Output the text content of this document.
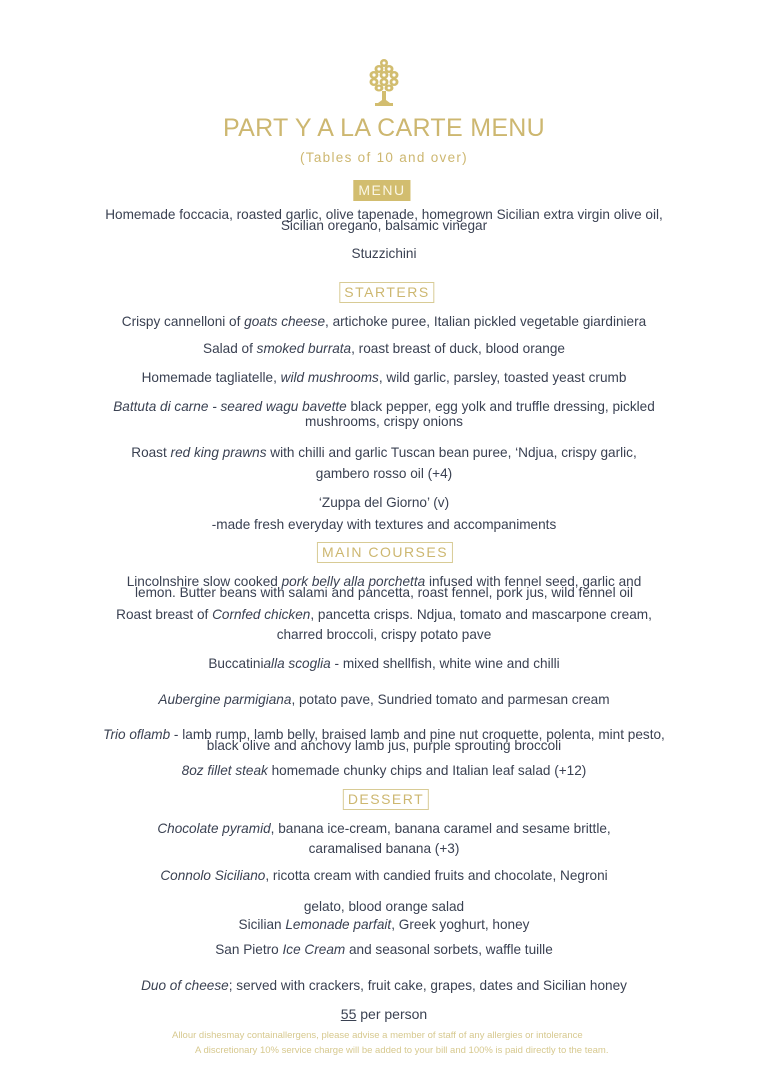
PART Y A LA CARTE MENU
(Tables of 10 and over)
MENU
Homemade foccacia, roasted garlic, olive tapenade, homegrown Sicilian extra virgin olive oil,
Sicilian oregano, balsamic vinegar
Stuzzichini
STARTERS
Crispy cannelloni of goats cheese, artichoke puree, Italian pickled vegetable giardiniera
Salad of smoked burrata, roast breast of duck, blood orange
Homemade tagliatelle, wild mushrooms, wild garlic, parsley, toasted yeast crumb
Battuta di carne - seared wagu bavette black pepper, egg yolk and truffle dressing, pickled
mushrooms, crispy onions
Roast red king prawns with chilli and garlic Tuscan bean puree, ‘Ndjua, crispy garlic,
gambero rosso oil (+4)
‘Zuppa del Giorno’ (v)
-made fresh everyday with textures and accompaniments
MAIN COURSES
Lincolnshire slow cooked pork belly alla porchetta infused with fennel seed, garlic and
lemon. Butter beans with salami and pancetta, roast fennel, pork jus, wild fennel oil
Roast breast of Cornfed chicken, pancetta crisps. Ndjua, tomato and mascarpone cream,
charred broccoli, crispy potato pave
Buccatinialla scoglia - mixed shellfish, white wine and chilli
Aubergine parmigiana, potato pave, Sundried tomato and parmesan cream
Trio oflamb - lamb rump, lamb belly, braised lamb and pine nut croquette, polenta, mint pesto,
black olive and anchovy lamb jus, purple sprouting broccoli
8oz fillet steak homemade chunky chips and Italian leaf salad (+12)
DESSERT
Chocolate pyramid, banana ice-cream, banana caramel and sesame brittle,
caramalised banana (+3)
Connolo Siciliano, ricotta cream with candied fruits and chocolate, Negroni
gelato, blood orange salad
Sicilian Lemonade parfait, Greek yoghurt, honey
San Pietro Ice Cream and seasonal sorbets, waffle tuille
Duo of cheese; served with crackers, fruit cake, grapes, dates and Sicilian honey
55 per person
Allour dishesmay containallergens, please advise a member of staff of any allergies or intolerance
A discretionary 10% service charge will be added to your bill and 100% is paid directly to the team.
